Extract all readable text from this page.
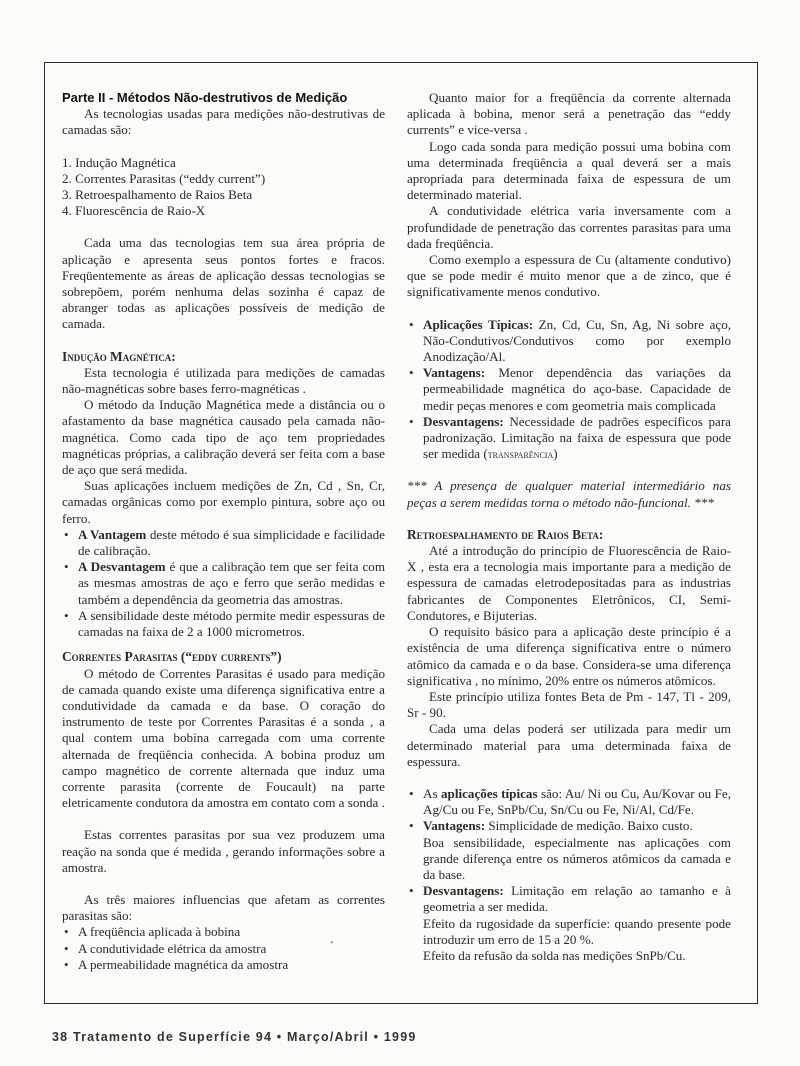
Parte II - Métodos Não-destrutivos de Medição

As tecnologias usadas para medições não-destrutivas de camadas são:

1. Indução Magnética
2. Correntes Parasitas (“eddy current”)
3. Retroespalhamento de Raios Beta
4. Fluorescência de Raio-X

Cada uma das tecnologias tem sua área própria de aplicação e apresenta seus pontos fortes e fracos. Freqüentemente as áreas de aplicação dessas tecnologias se sobrepõem, porém nenhuma delas sozinha é capaz de abranger todas as aplicações possíveis de medição de camada.

Indução Magnética:

Esta tecnologia é utilizada para medições de camadas não-magnéticas sobre bases ferro-magnéticas .

O método da Indução Magnética mede a distância ou o afastamento da base magnética causado pela camada não-magnética. Como cada tipo de aço tem propriedades magnéticas próprias, a calibração deverá ser feita com a base de aço que será medida.

Suas aplicações incluem medições de Zn, Cd , Sn, Cr, camadas orgânicas como por exemplo pintura, sobre aço ou ferro.

• A Vantagem deste método é sua simplicidade e facilidade de calibração.
• A Desvantagem é que a calibração tem que ser feita com as mesmas amostras de aço e ferro que serão medidas e também a dependência da geometria das amostras.
• A sensibilidade deste método permite medir espessuras de camadas na faixa de 2 a 1000 micrometros.
Correntes Parasitas (“eddy currents”)

O método de Correntes Parasitas é usado para medição de camada quando existe uma diferença significativa entre a condutividade da camada e da base. O coração do instrumento de teste por Correntes Parasitas é a sonda , a qual contem uma bobina carregada com uma corrente alternada de freqüência conhecida. A bobina produz um campo magnético de corrente alternada que induz uma corrente parasita (corrente de Foucault) na parte eletricamente condutora da amostra em contato com a sonda .

Estas correntes parasitas por sua vez produzem uma reação na sonda que é medida , gerando informações sobre a amostra.

As três maiores influencias que afetam as correntes parasitas são:

• A freqüência aplicada à bobina
• A condutividade elétrica da amostra
• A permeabilidade magnética da amostra

Quanto maior for a freqüência da corrente alternada aplicada à bobina, menor será a penetração das “eddy currents” e vice-versa .

Logo cada sonda para medição possui uma bobina com uma determinada freqüência a qual deverá ser a mais apropriada para determinada faixa de espessura de um determinado material.

A condutividade elétrica varia inversamente com a profundidade de penetração das correntes parasitas para uma dada freqüência.

Como exemplo a espessura de Cu (altamente condutivo) que se pode medir é muito menor que a de zinco, que é significativamente menos condutivo.

• Aplicações Típicas: Zn, Cd, Cu, Sn, Ag, Ni sobre aço, Não-Condutivos/Condutivos como por exemplo Anodização/Al.
• Vantagens: Menor dependência das variações da permeabilidade magnética do aço-base. Capacidade de medir peças menores e com geometria mais complicada
• Desvantagens: Necessidade de padrões específicos para padronização. Limitação na faixa de espessura que pode ser medida (transparência)

*** A presença de qualquer material intermediário nas peças a serem medidas torna o método não-funcional. ***

Retroespalhamento de Raios Beta:

Até a introdução do princípio de Fluorescência de Raio-X , esta era a tecnologia mais importante para a medição de espessura de camadas eletrodepositadas para as industrias fabricantes de Componentes Eletrônicos, CI, Semi-Condutores, e Bijuterias.

O requisito básico para a aplicação deste princípio é a existência de uma diferença significativa entre o número atômico da camada e o da base. Considera-se uma diferença significativa , no mínimo, 20% entre os números atômicos.

Este princípio utiliza fontes Beta de Pm - 147, Tl - 209, Sr - 90.

Cada uma delas poderá ser utilizada para medir um determinado material para uma determinada faixa de espessura.

• As aplicações típicas são: Au/ Ni ou Cu, Au/Kovar ou Fe, Ag/Cu ou Fe, SnPb/Cu, Sn/Cu ou Fe, Ni/Al, Cd/Fe.
• Vantagens: Simplicidade de medição. Baixo custo.
Boa sensibilidade, especialmente nas aplicações com grande diferença entre os números atômicos da camada e da base.
• Desvantagens: Limitação em relação ao tamanho e à geometria a ser medida.
Efeito da rugosidade da superfície: quando presente pode introduzir um erro de 15 a 20 %.
Efeito da refusão da solda nas medições SnPb/Cu.
•
38 Tratamento de Superfície 94 • Março/Abril • 1999
